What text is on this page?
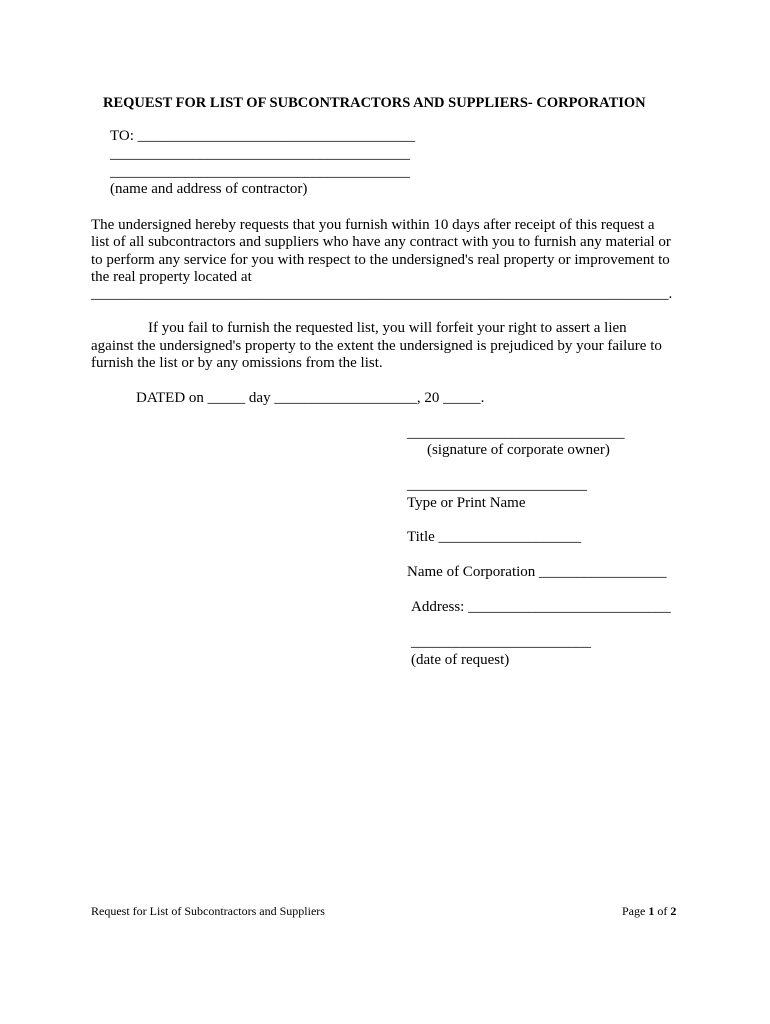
REQUEST FOR LIST OF SUBCONTRACTORS AND SUPPLIERS- CORPORATION
TO: _____________________________________
________________________________________
________________________________________
(name and address of contractor)
The undersigned hereby requests that you furnish within 10 days after receipt of this request a
list of all subcontractors and suppliers who have any contract with you to furnish any material or
to perform any service for you with respect to the undersigned's real property or improvement to
the real property located at
_____________________________________________________________________________.
If you fail to furnish the requested list, you will forfeit your right to assert a lien
against the undersigned's property to the extent the undersigned is prejudiced by your failure to
furnish the list or by any omissions from the list.
DATED on _____ day ___________________, 20 _____.
_____________________________
(signature of corporate owner)
________________________
Type or Print Name
Title ___________________
Name of Corporation _________________
Address: ___________________________
________________________
(date of request)
Request for List of Subcontractors and Suppliers	Page 1 of 2
